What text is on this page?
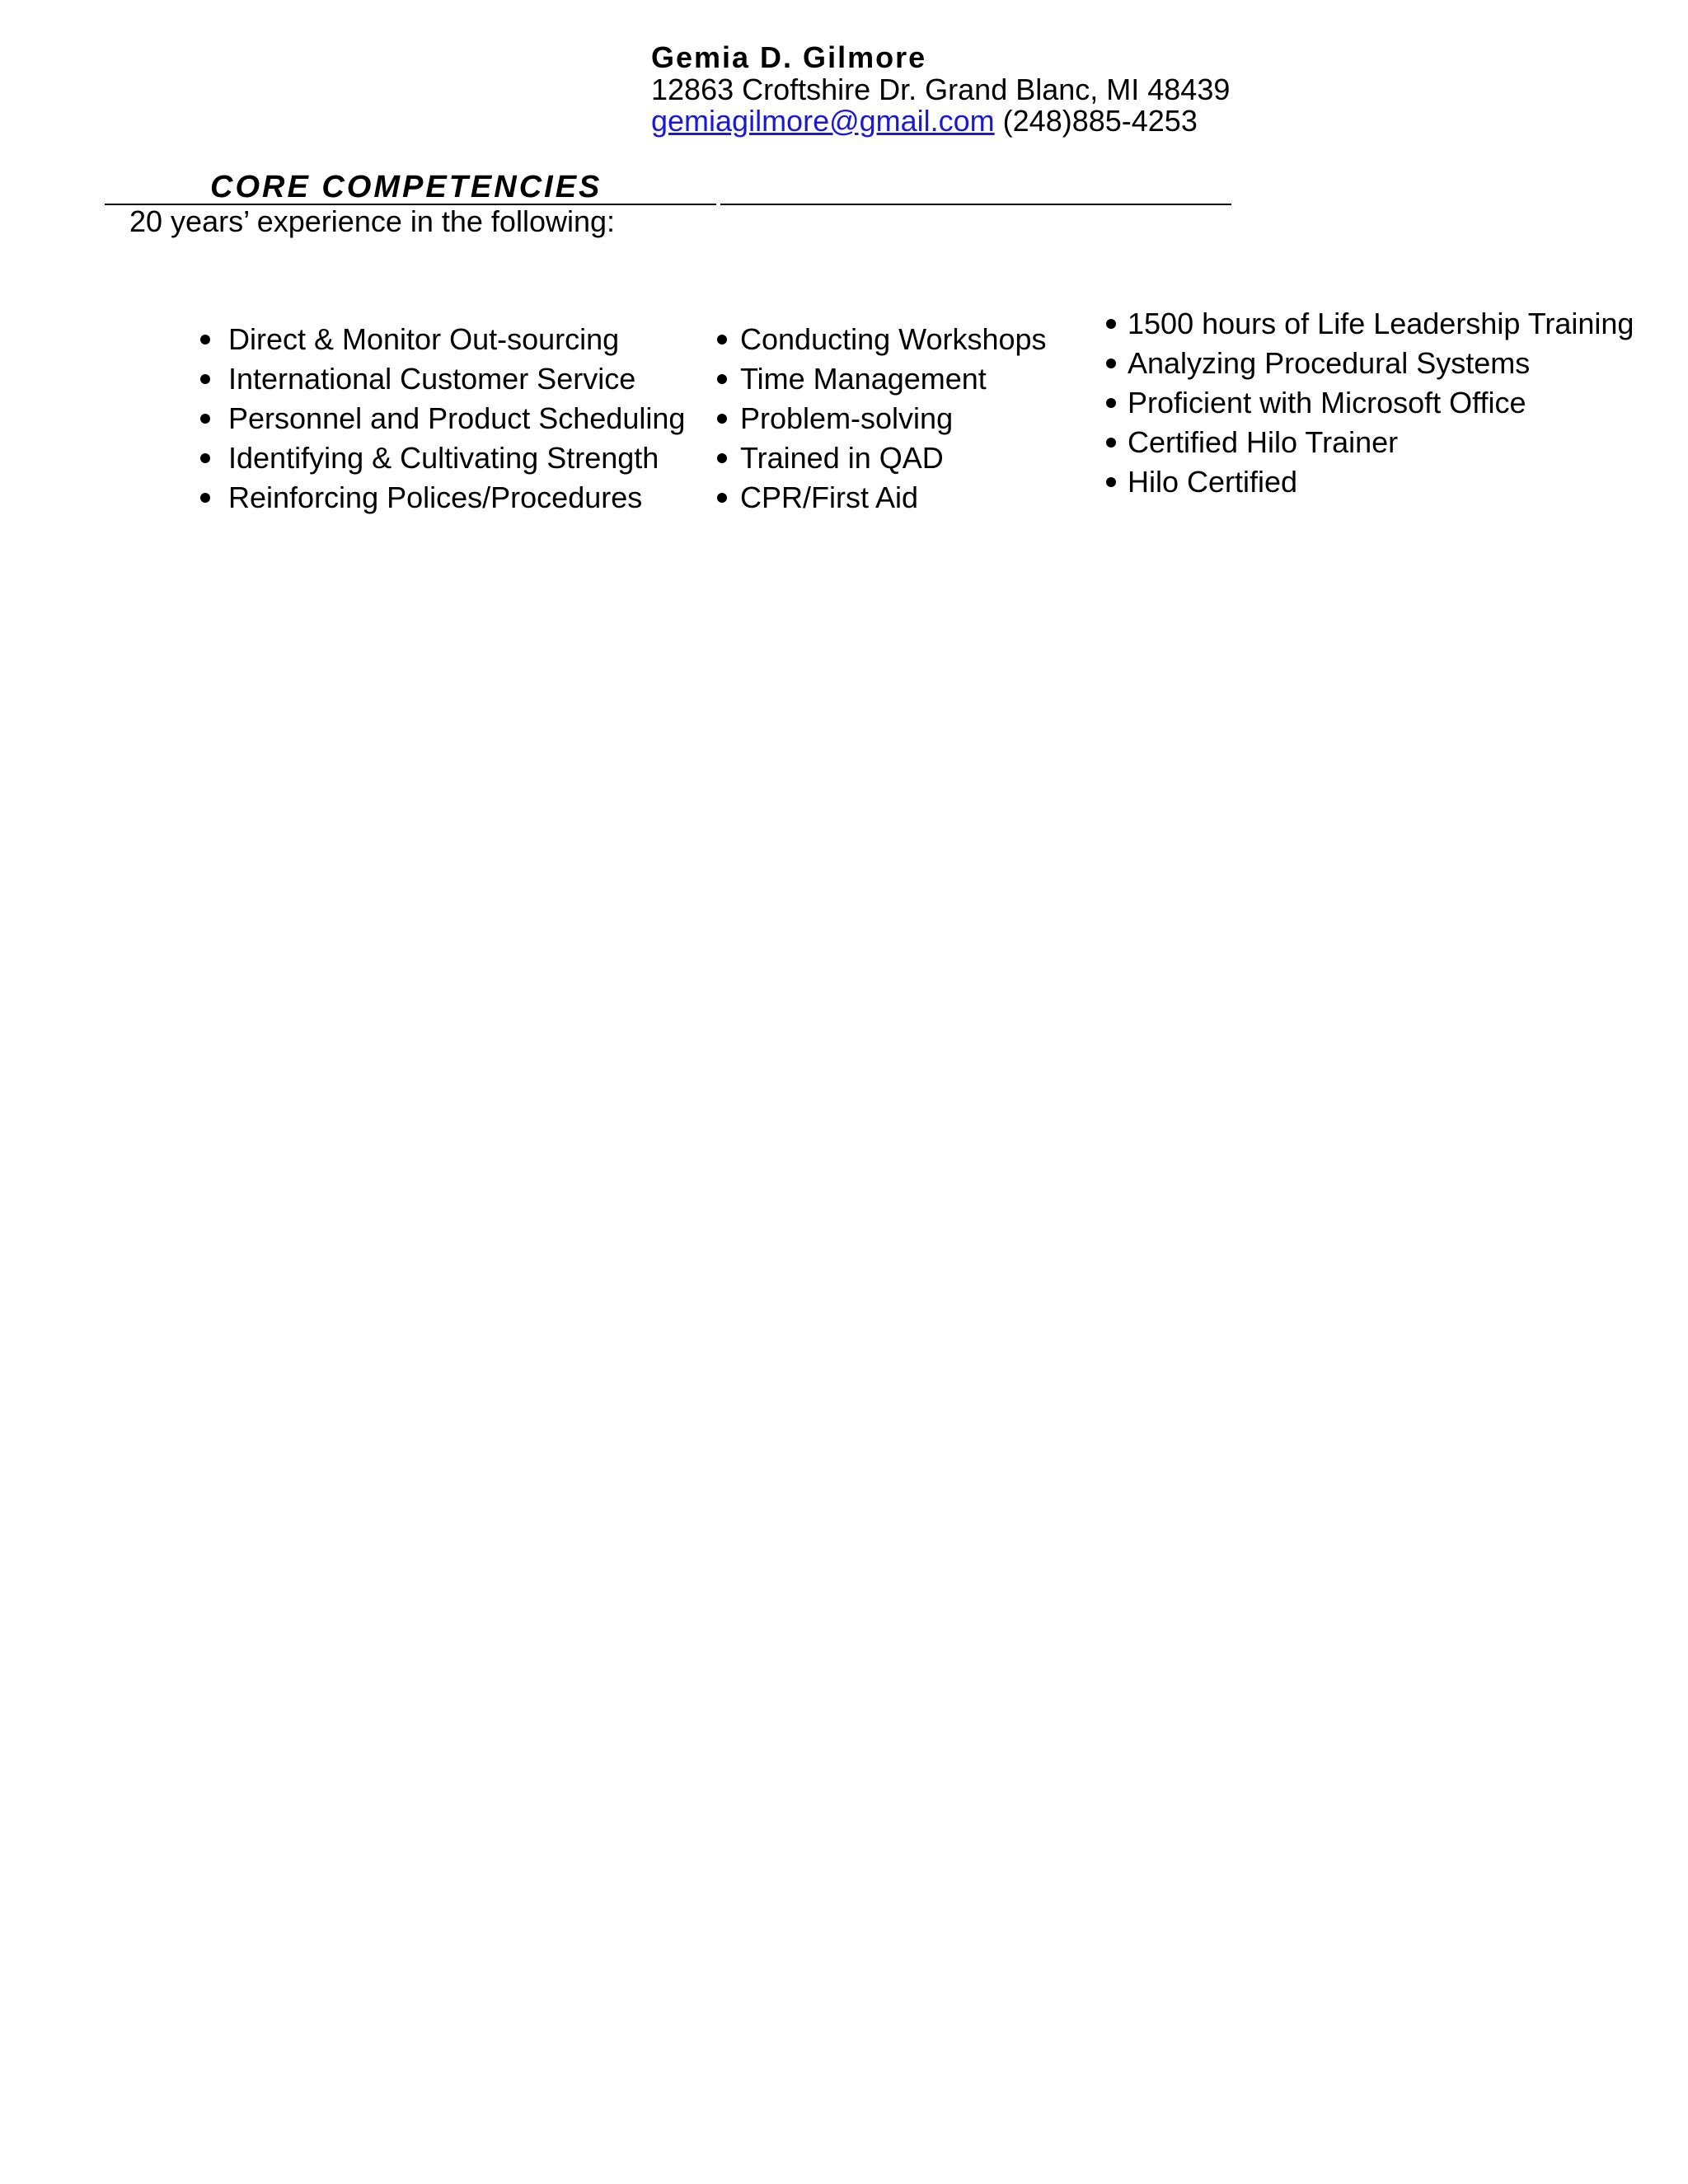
Gemia D. Gilmore
12863 Croftshire Dr. Grand Blanc, MI 48439
gemiagilmore@gmail.com (248)885-4253
CORE COMPETENCIES
20 years’ experience in the following:
Direct & Monitor Out-sourcing
International Customer Service
Personnel and Product Scheduling
Identifying & Cultivating Strength
Reinforcing Polices/Procedures
Conducting Workshops
Time Management
Problem-solving
Trained in QAD
CPR/First Aid
1500 hours of Life Leadership Training
Analyzing Procedural Systems
Proficient with Microsoft Office
Certified Hilo Trainer
Hilo Certified
